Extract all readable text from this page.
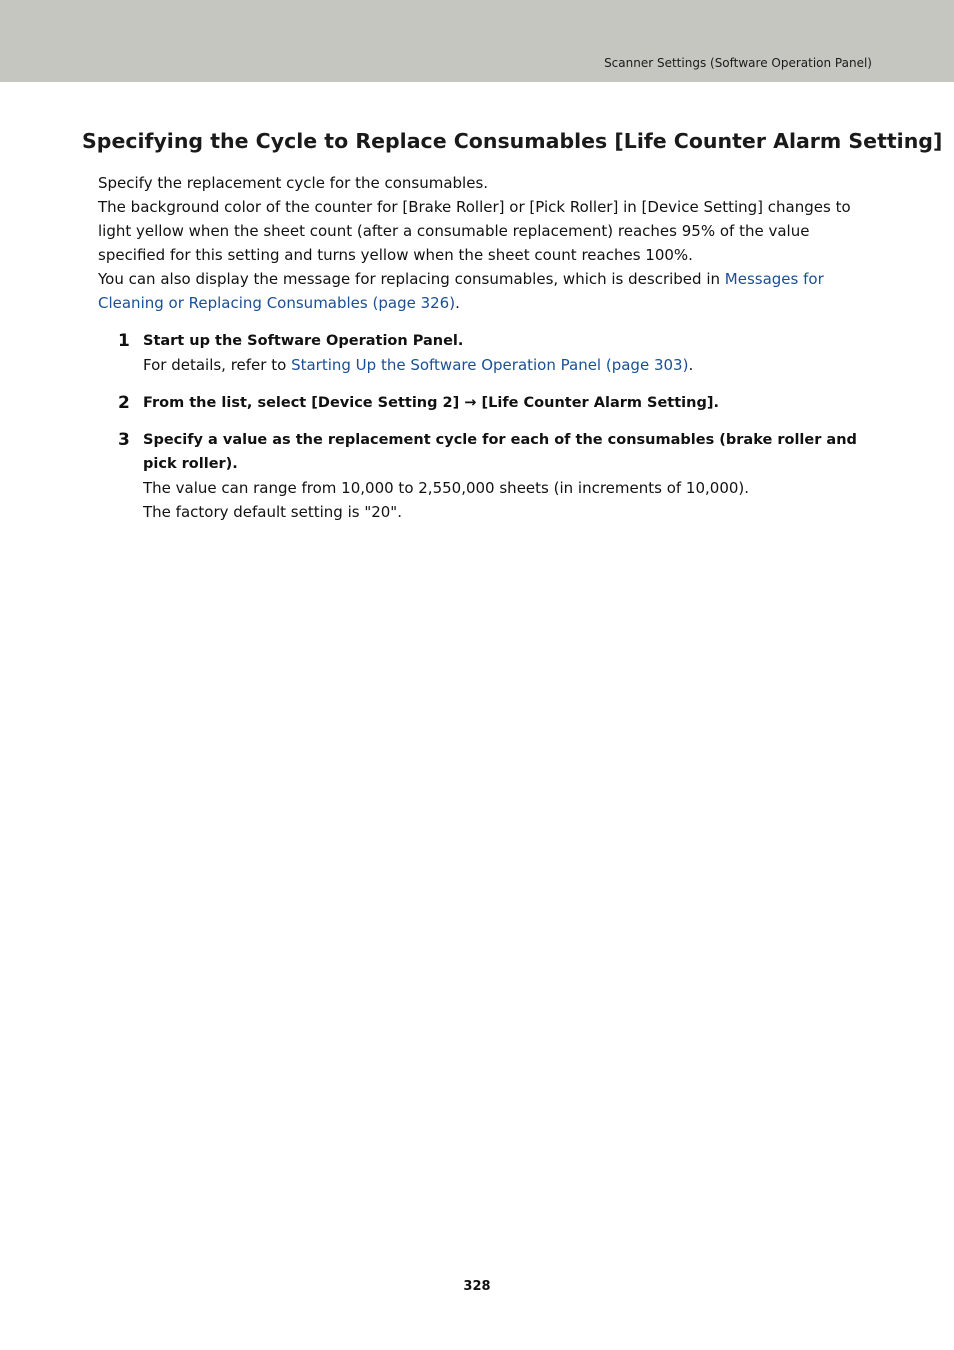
Scanner Settings (Software Operation Panel)
Specifying the Cycle to Replace Consumables [Life Counter Alarm Setting]

Specify the replacement cycle for the consumables.

The background color of the counter for [Brake Roller] or [Pick Roller] in [Device Setting] changes to light yellow when the sheet count (after a consumable replacement) reaches 95% of the value specified for this setting and turns yellow when the sheet count reaches 100%.

You can also display the message for replacing consumables, which is described in Messages for Cleaning or Replacing Consumables (page 326).

1 Start up the Software Operation Panel.

For details, refer to Starting Up the Software Operation Panel (page 303).

2 From the list, select [Device Setting 2] → [Life Counter Alarm Setting].

3 Specify a value as the replacement cycle for each of the consumables (brake roller and pick roller).

The value can range from 10,000 to 2,550,000 sheets (in increments of 10,000).

The factory default setting is "20".

328
